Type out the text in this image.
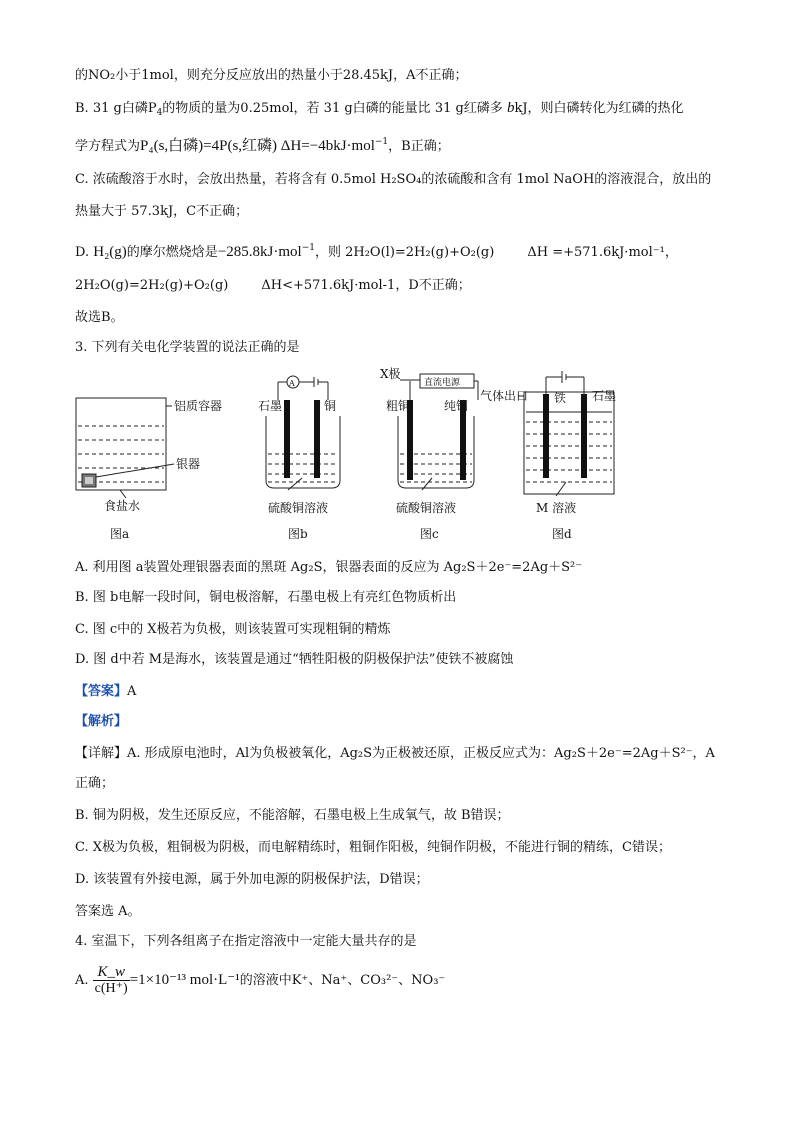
的NO₂小于1mol，则充分反应放出的热量小于28.45kJ，A不正确；
B. 31 g白磷$P_4$的物质的量为0.25mol，若 31 g白磷的能量比 31 g红磷多 bkJ，则白磷转化为红磷的热化
学方程式为P₄(s,白磷)=4P(s,红磷) ΔH=−4bkJ·mol$^{-1}$，B正确；
C. 浓硫酸溶于水时，会放出热量，若将含有 0.5mol H₂SO₄的浓硫酸和含有 1mol NaOH的溶液混合，放出的
热量大于 57.3kJ，C不正确；
D. H₂(g)的摩尔燃烧焓是−285.8kJ·mol$^{-1}$，则 2H₂O(l)=2H₂(g)+O₂(g)        ΔH =+571.6kJ·mol⁻¹，
2H₂O(g)=2H₂(g)+O₂(g)        ΔH<+571.6kJ·mol-1，D不正确；
故选B。
3. 下列有关电化学装置的说法正确的是
铝质容器
银器
食盐水
图a
A
石墨	铜
硫酸铜溶液
图b
X极
直流电源
粗铜	纯铜
硫酸铜溶液
图c
气体出口 铁 石墨
M 溶液
图d
A. 利用图 a装置处理银器表面的黑斑 Ag₂S，银器表面的反应为 Ag₂S＋2e⁻=2Ag＋S²⁻
B. 图 b电解一段时间，铜电极溶解，石墨电极上有亮红色物质析出
C. 图 c中的 X极若为负极，则该装置可实现粗铜的精炼
D. 图 d中若 M是海水，该装置是通过“牺牲阳极的阴极保护法”使铁不被腐蚀
【答案】A
【解析】
【详解】A. 形成原电池时，Al为负极被氧化，Ag₂S为正极被还原，正极反应式为：Ag₂S＋2e⁻=2Ag＋S²⁻，A
正确；
B. 铜为阴极，发生还原反应，不能溶解，石墨电极上生成氧气，故 B错误；
C. X极为负极，粗铜极为阴极，而电解精练时，粗铜作阳极，纯铜作阴极，不能进行铜的精练，C错误；
D. 该装置有外接电源，属于外加电源的阴极保护法，D错误；
答案选 A。
4. 室温下，下列各组离子在指定溶液中一定能大量共存的是
A. $\frac{K\_w}{c(H^+)} =1\times 10^{-13}$ mol·L⁻¹的溶液中K⁺、Na⁺、CO₃²⁻、NO₃⁻
